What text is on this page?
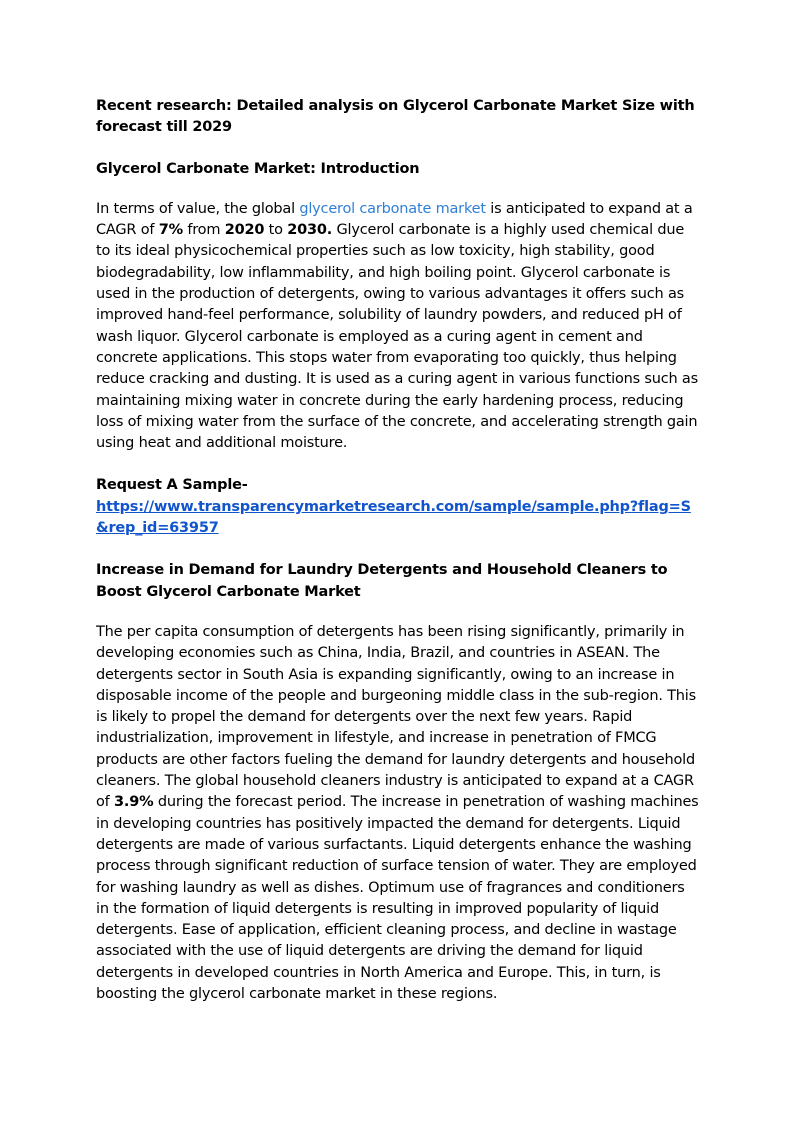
Recent research: Detailed analysis on Glycerol Carbonate Market Size with forecast till 2029

Glycerol Carbonate Market: Introduction

In terms of value, the global glycerol carbonate market is anticipated to expand at a CAGR of 7% from 2020 to 2030. Glycerol carbonate is a highly used chemical due to its ideal physicochemical properties such as low toxicity, high stability, good biodegradability, low inflammability, and high boiling point. Glycerol carbonate is used in the production of detergents, owing to various advantages it offers such as improved hand-feel performance, solubility of laundry powders, and reduced pH of wash liquor. Glycerol carbonate is employed as a curing agent in cement and concrete applications. This stops water from evaporating too quickly, thus helping reduce cracking and dusting. It is used as a curing agent in various functions such as maintaining mixing water in concrete during the early hardening process, reducing loss of mixing water from the surface of the concrete, and accelerating strength gain using heat and additional moisture.

Request A Sample-

https://www.transparencymarketresearch.com/sample/sample.php?flag=S&rep_id=63957

Increase in Demand for Laundry Detergents and Household Cleaners to Boost Glycerol Carbonate Market

The per capita consumption of detergents has been rising significantly, primarily in developing economies such as China, India, Brazil, and countries in ASEAN. The detergents sector in South Asia is expanding significantly, owing to an increase in disposable income of the people and burgeoning middle class in the sub-region. This is likely to propel the demand for detergents over the next few years. Rapid industrialization, improvement in lifestyle, and increase in penetration of FMCG products are other factors fueling the demand for laundry detergents and household cleaners. The global household cleaners industry is anticipated to expand at a CAGR of 3.9% during the forecast period. The increase in penetration of washing machines in developing countries has positively impacted the demand for detergents. Liquid detergents are made of various surfactants. Liquid detergents enhance the washing process through significant reduction of surface tension of water. They are employed for washing laundry as well as dishes. Optimum use of fragrances and conditioners in the formation of liquid detergents is resulting in improved popularity of liquid detergents. Ease of application, efficient cleaning process, and decline in wastage associated with the use of liquid detergents are driving the demand for liquid detergents in developed countries in North America and Europe. This, in turn, is boosting the glycerol carbonate market in these regions.
